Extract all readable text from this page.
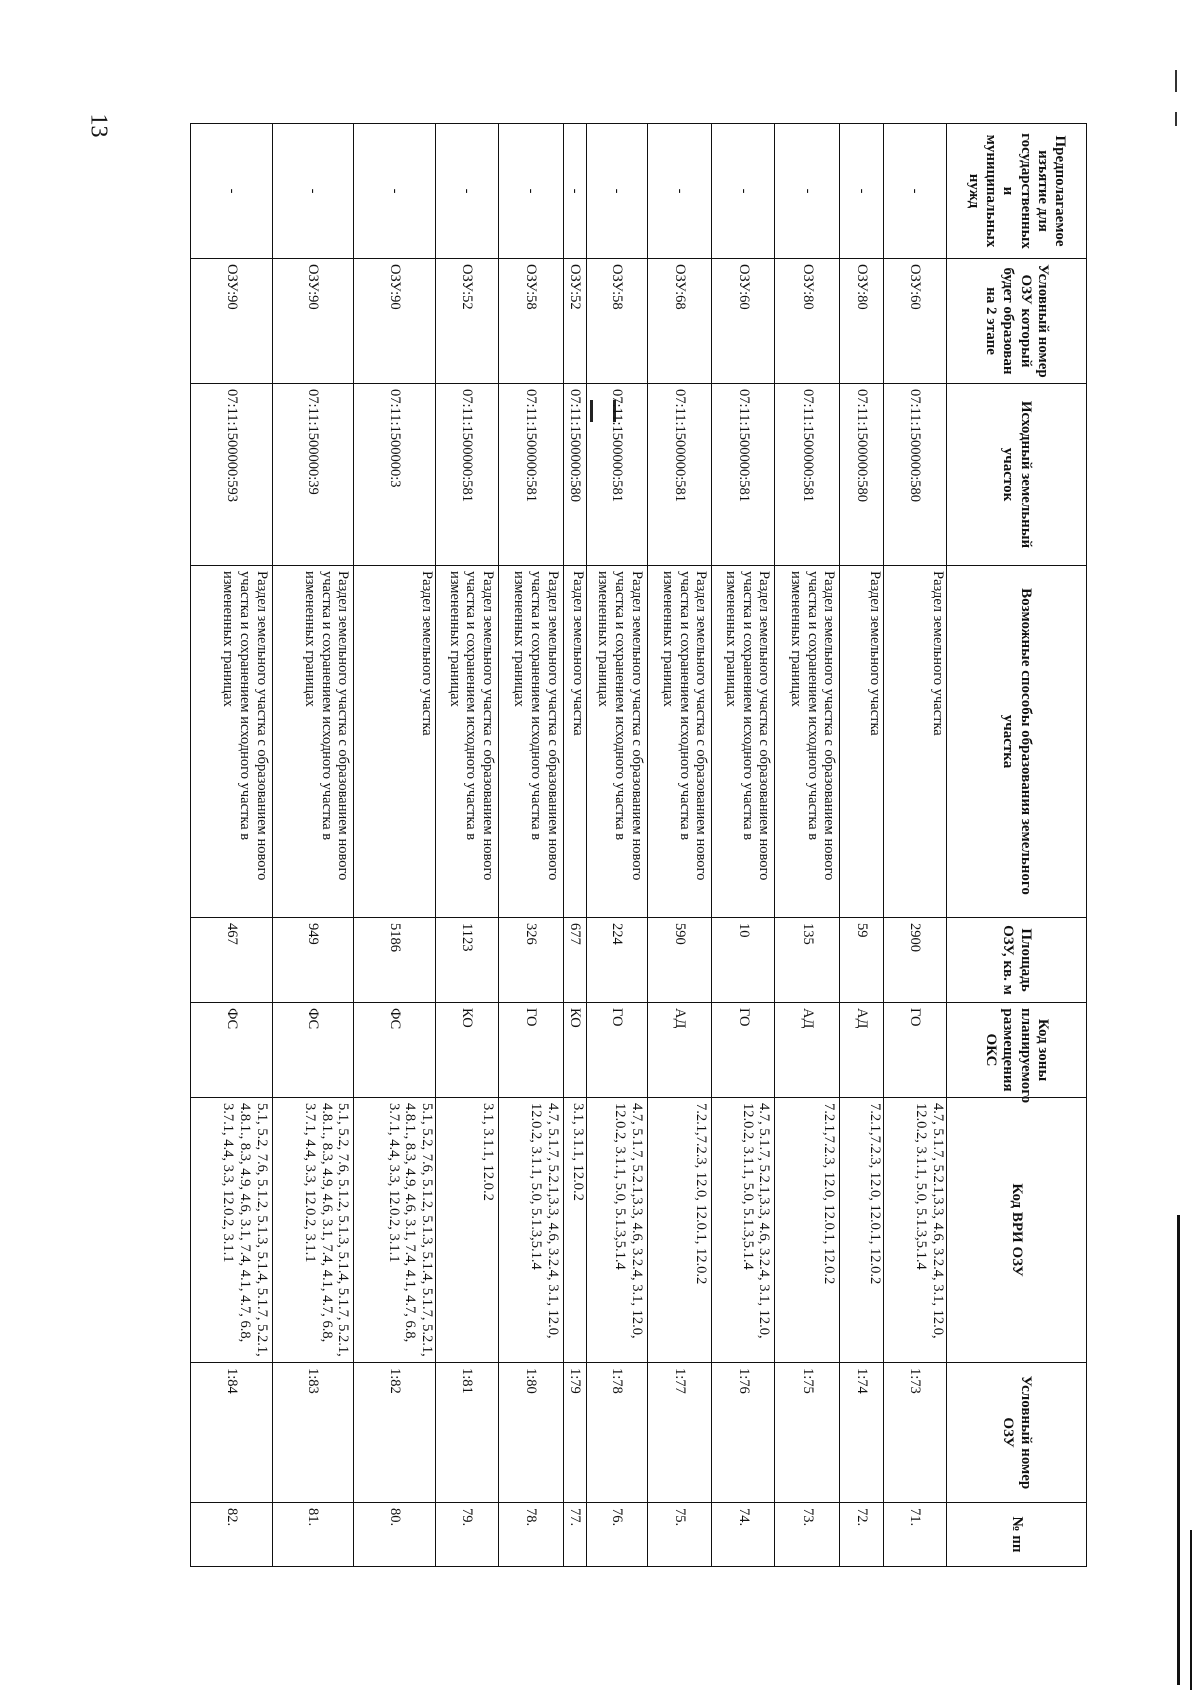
13
Предполагаемое изъятие для государственных и муниципальных нужд	Условный номер ОЗУ который будет образован на 2 этапе	Исходный земельный участок	Возможные способы образования земельного участка	Площадь ОЗУ, кв. м	Код зоны планируемого размещения ОКС	Код ВРИ ОЗУ	Условный номер ОЗУ	№ пп
-	ОЗУ:60	07:11:1500000:580	Раздел земельного участка	2900	ГО	4.7, 5.1.7, 5.2.1,3.3, 4.6, 3.2.4, 3.1, 12.0, 12.0.2, 3.1.1, 5.0, 5.1.3,5.1.4	1:73	71.
-	ОЗУ:80	07:11:1500000:580	Раздел земельного участка	59	АД	7.2.1,7.2.3, 12.0, 12.0.1, 12.0.2	1:74	72.
-	ОЗУ:80	07:11:1500000:581	Раздел земельного участка с образованием нового участка и сохранением исходного участка в измененных границах	135	АД	7.2.1,7.2.3, 12.0, 12.0.1, 12.0.2	1:75	73.
-	ОЗУ:60	07:11:1500000:581	Раздел земельного участка с образованием нового участка и сохранением исходного участка в измененных границах	10	ГО	4.7, 5.1.7, 5.2.1,3.3, 4.6, 3.2.4, 3.1, 12.0, 12.0.2, 3.1.1, 5.0, 5.1.3,5.1.4	1:76	74.
-	ОЗУ:68	07:11:1500000:581	Раздел земельного участка с образованием нового участка и сохранением исходного участка в измененных границах	590	АД	7.2.1,7.2.3, 12.0, 12.0.1, 12.0.2	1:77	75.
-	ОЗУ:58	07:11:1500000:581	Раздел земельного участка с образованием нового участка и сохранением исходного участка в измененных границах	224	ГО	4.7, 5.1.7, 5.2.1,3.3, 4.6, 3.2.4, 3.1, 12.0, 12.0.2, 3.1.1, 5.0, 5.1.3,5.1.4	1:78	76.
-	ОЗУ:52	07:11:1500000:580	Раздел земельного участка	677	КО	3.1, 3.1.1, 12.0.2	1:79	77.
-	ОЗУ:58	07:11:1500000:581	Раздел земельного участка с образованием нового участка и сохранением исходного участка в измененных границах	326	ГО	4.7, 5.1.7, 5.2.1,3.3, 4.6, 3.2.4, 3.1, 12.0, 12.0.2, 3.1.1, 5.0, 5.1.3,5.1.4	1:80	78.
-	ОЗУ:52	07:11:1500000:581	Раздел земельного участка с образованием нового участка и сохранением исходного участка в измененных границах	1123	КО	3.1, 3.1.1, 12.0.2	1:81	79.
-	ОЗУ:90	07:11:1500000:3	Раздел земельного участка	5186	ФС	5.1, 5.2, 7.6, 5.1.2, 5.1.3, 5.1.4, 5.1.7, 5.2.1, 4.8.1., 8.3, 4.9, 4.6, 3.1, 7.4, 4.1, 4.7, 6.8, 3.7.1, 4.4, 3.3, 12.0.2, 3.1.1	1:82	80.
-	ОЗУ:90	07:11:1500000:39	Раздел земельного участка с образованием нового участка и сохранением исходного участка в измененных границах	949	ФС	5.1, 5.2, 7.6, 5.1.2, 5.1.3, 5.1.4, 5.1.7, 5.2.1, 4.8.1., 8.3, 4.9, 4.6, 3.1, 7.4, 4.1, 4.7, 6.8, 3.7.1, 4.4, 3.3, 12.0.2, 3.1.1	1:83	81.
-	ОЗУ:90	07:11:1500000:593	Раздел земельного участка с образованием нового участка и сохранением исходного участка в измененных границах	467	ФС	5.1, 5.2, 7.6, 5.1.2, 5.1.3, 5.1.4, 5.1.7, 5.2.1, 4.8.1., 8.3, 4.9, 4.6, 3.1, 7.4, 4.1, 4.7, 6.8, 3.7.1, 4.4, 3.3, 12.0.2, 3.1.1	1:84	82.
